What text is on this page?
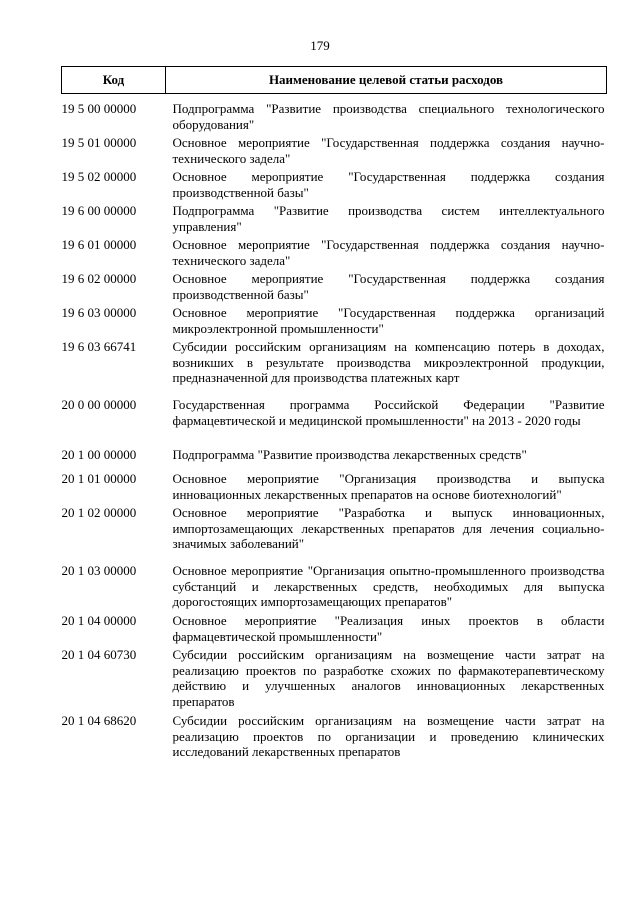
179
Код	Наименование целевой статьи расходов
19 5 00 00000	Подпрограмма "Развитие производства специального технологического оборудования"
19 5 01 00000	Основное мероприятие "Государственная поддержка создания научно-технического задела"
19 5 02 00000	Основное мероприятие "Государственная поддержка создания производственной базы"
19 6 00 00000	Подпрограмма "Развитие производства систем интеллектуального управления"
19 6 01 00000	Основное мероприятие "Государственная поддержка создания научно-технического задела"
19 6 02 00000	Основное мероприятие "Государственная поддержка создания производственной базы"
19 6 03 00000	Основное мероприятие "Государственная поддержка организаций микроэлектронной промышленности"
19 6 03 66741	Субсидии российским организациям на компенсацию потерь в доходах, возникших в результате производства микроэлектронной продукции, предназначенной для производства платежных карт
20 0 00 00000	Государственная программа Российской Федерации "Развитие фармацевтической и медицинской промышленности" на 2013 - 2020 годы
20 1 00 00000	Подпрограмма "Развитие производства лекарственных средств"
20 1 01 00000	Основное мероприятие "Организация производства и выпуска инновационных лекарственных препаратов на основе биотехнологий"
20 1 02 00000	Основное мероприятие "Разработка и выпуск инновационных, импортозамещающих лекарственных препаратов для лечения социально-значимых заболеваний"
20 1 03 00000	Основное мероприятие "Организация опытно-промышленного производства субстанций и лекарственных средств, необходимых для выпуска дорогостоящих импортозамещающих препаратов"
20 1 04 00000	Основное мероприятие "Реализация иных проектов в области фармацевтической промышленности"
20 1 04 60730	Субсидии российским организациям на возмещение части затрат на реализацию проектов по разработке схожих по фармакотерапевтическому действию и улучшенных аналогов инновационных лекарственных препаратов
20 1 04 68620	Субсидии российским организациям на возмещение части затрат на реализацию проектов по организации и проведению клинических исследований лекарственных препаратов
